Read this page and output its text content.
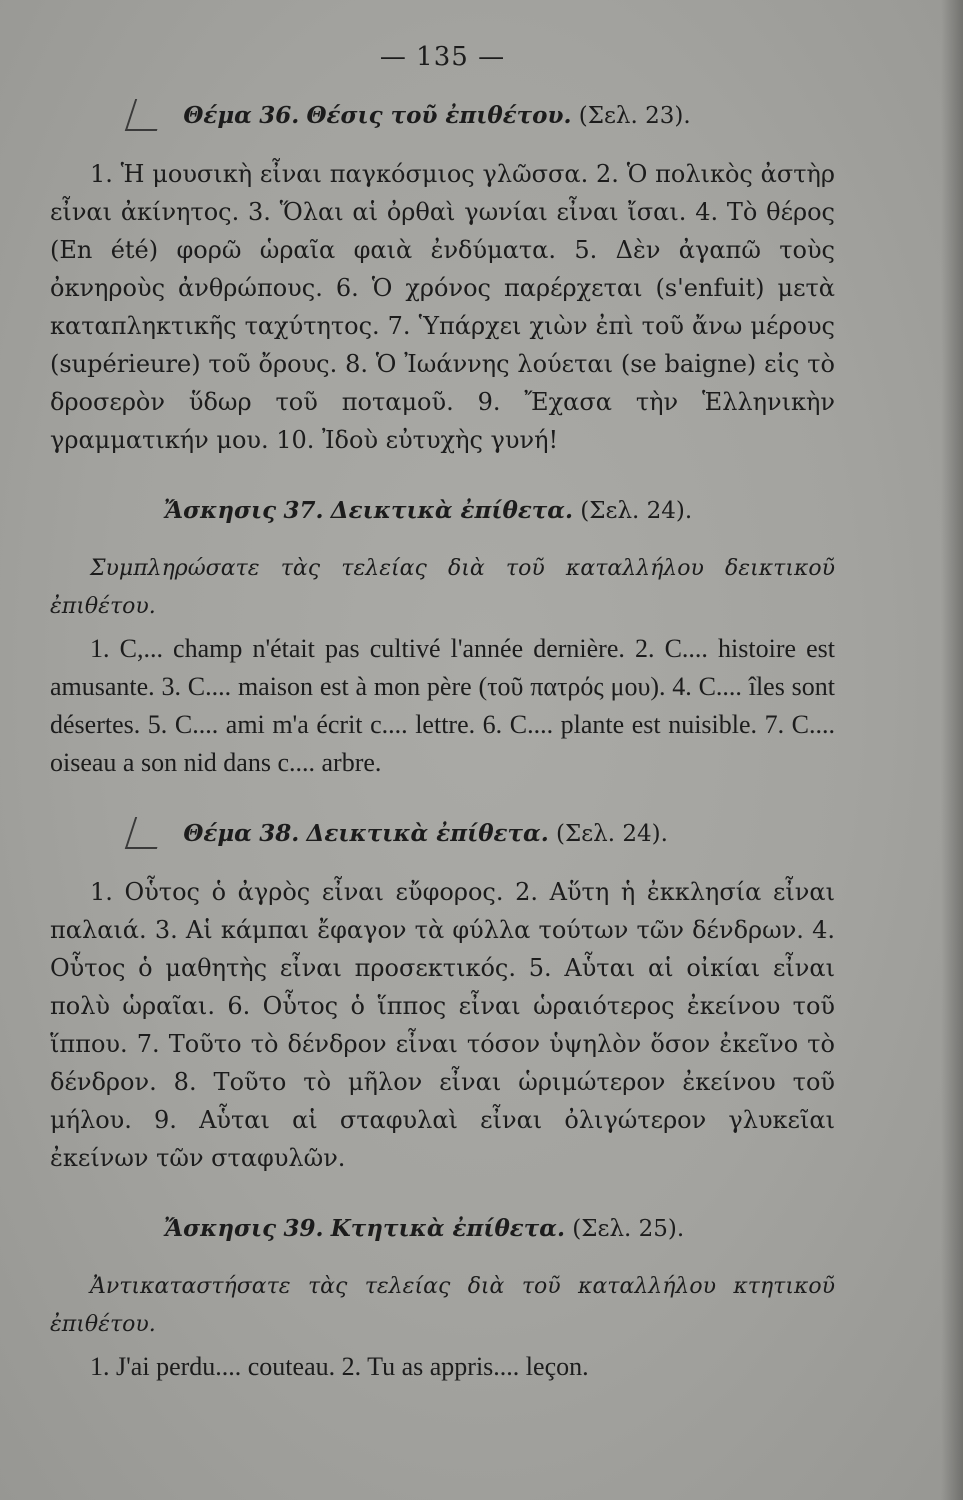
— 135 —
Θέμα 36. Θέσις τοῦ ἐπιθέτου. (Σελ. 23).

1. Ἡ μουσικὴ εἶναι παγκόσμιος γλῶσσα. 2. Ὁ πολικὸς ἀστὴρ εἶναι ἀκίνητος. 3. Ὅλαι αἱ ὀρθαὶ γωνίαι εἶναι ἴσαι. 4. Τὸ θέρος (En été) φορῶ ὡραῖα φαιὰ ἐνδύματα. 5. Δὲν ἀγαπῶ τοὺς ὀκνηροὺς ἀνθρώπους. 6. Ὁ χρόνος παρέρχεται (s'enfuit) μετὰ καταπληκτικῆς ταχύτητος. 7. Ὑπάρχει χιὼν ἐπὶ τοῦ ἄνω μέρους (supérieure) τοῦ ὄρους. 8. Ὁ Ἰωάννης λούεται (se baigne) εἰς τὸ δροσερὸν ὕδωρ τοῦ ποταμοῦ. 9. Ἔχασα τὴν Ἑλληνικὴν γραμματικήν μου. 10. Ἰδοὺ εὐτυχὴς γυνή!

Ἄσκησις 37. Δεικτικὰ ἐπίθετα. (Σελ. 24).

Συμπληρώσατε τὰς τελείας διὰ τοῦ καταλλήλου δεικτικοῦ ἐπιθέτου.

1. C,... champ n'était pas cultivé l'année dernière. 2. C.... histoire est amusante. 3. C.... maison est à mon père (τοῦ πατρός μου). 4. C.... îles sont désertes. 5. C.... ami m'a écrit c.... lettre. 6. C.... plante est nuisible. 7. C.... oiseau a son nid dans c.... arbre.

Θέμα 38. Δεικτικὰ ἐπίθετα. (Σελ. 24).

1. Οὗτος ὁ ἀγρὸς εἶναι εὔφορος. 2. Αὕτη ἡ ἐκκλησία εἶναι παλαιά. 3. Αἱ κάμπαι ἔφαγον τὰ φύλλα τούτων τῶν δένδρων. 4. Οὗτος ὁ μαθητὴς εἶναι προσεκτικός. 5. Αὗται αἱ οἰκίαι εἶναι πολὺ ὡραῖαι. 6. Οὗτος ὁ ἵππος εἶναι ὡραιότερος ἐκείνου τοῦ ἵππου. 7. Τοῦτο τὸ δένδρον εἶναι τόσον ὑψηλὸν ὅσον ἐκεῖνο τὸ δένδρον. 8. Τοῦτο τὸ μῆλον εἶναι ὡριμώτερον ἐκείνου τοῦ μήλου. 9. Αὗται αἱ σταφυλαὶ εἶναι ὀλιγώτερον γλυκεῖαι ἐκείνων τῶν σταφυλῶν.

Ἄσκησις 39. Κτητικὰ ἐπίθετα. (Σελ. 25).

Ἀντικαταστήσατε τὰς τελείας διὰ τοῦ καταλλήλου κτητικοῦ ἐπιθέτου.

1. J'ai perdu.... couteau. 2. Tu as appris.... leçon.
